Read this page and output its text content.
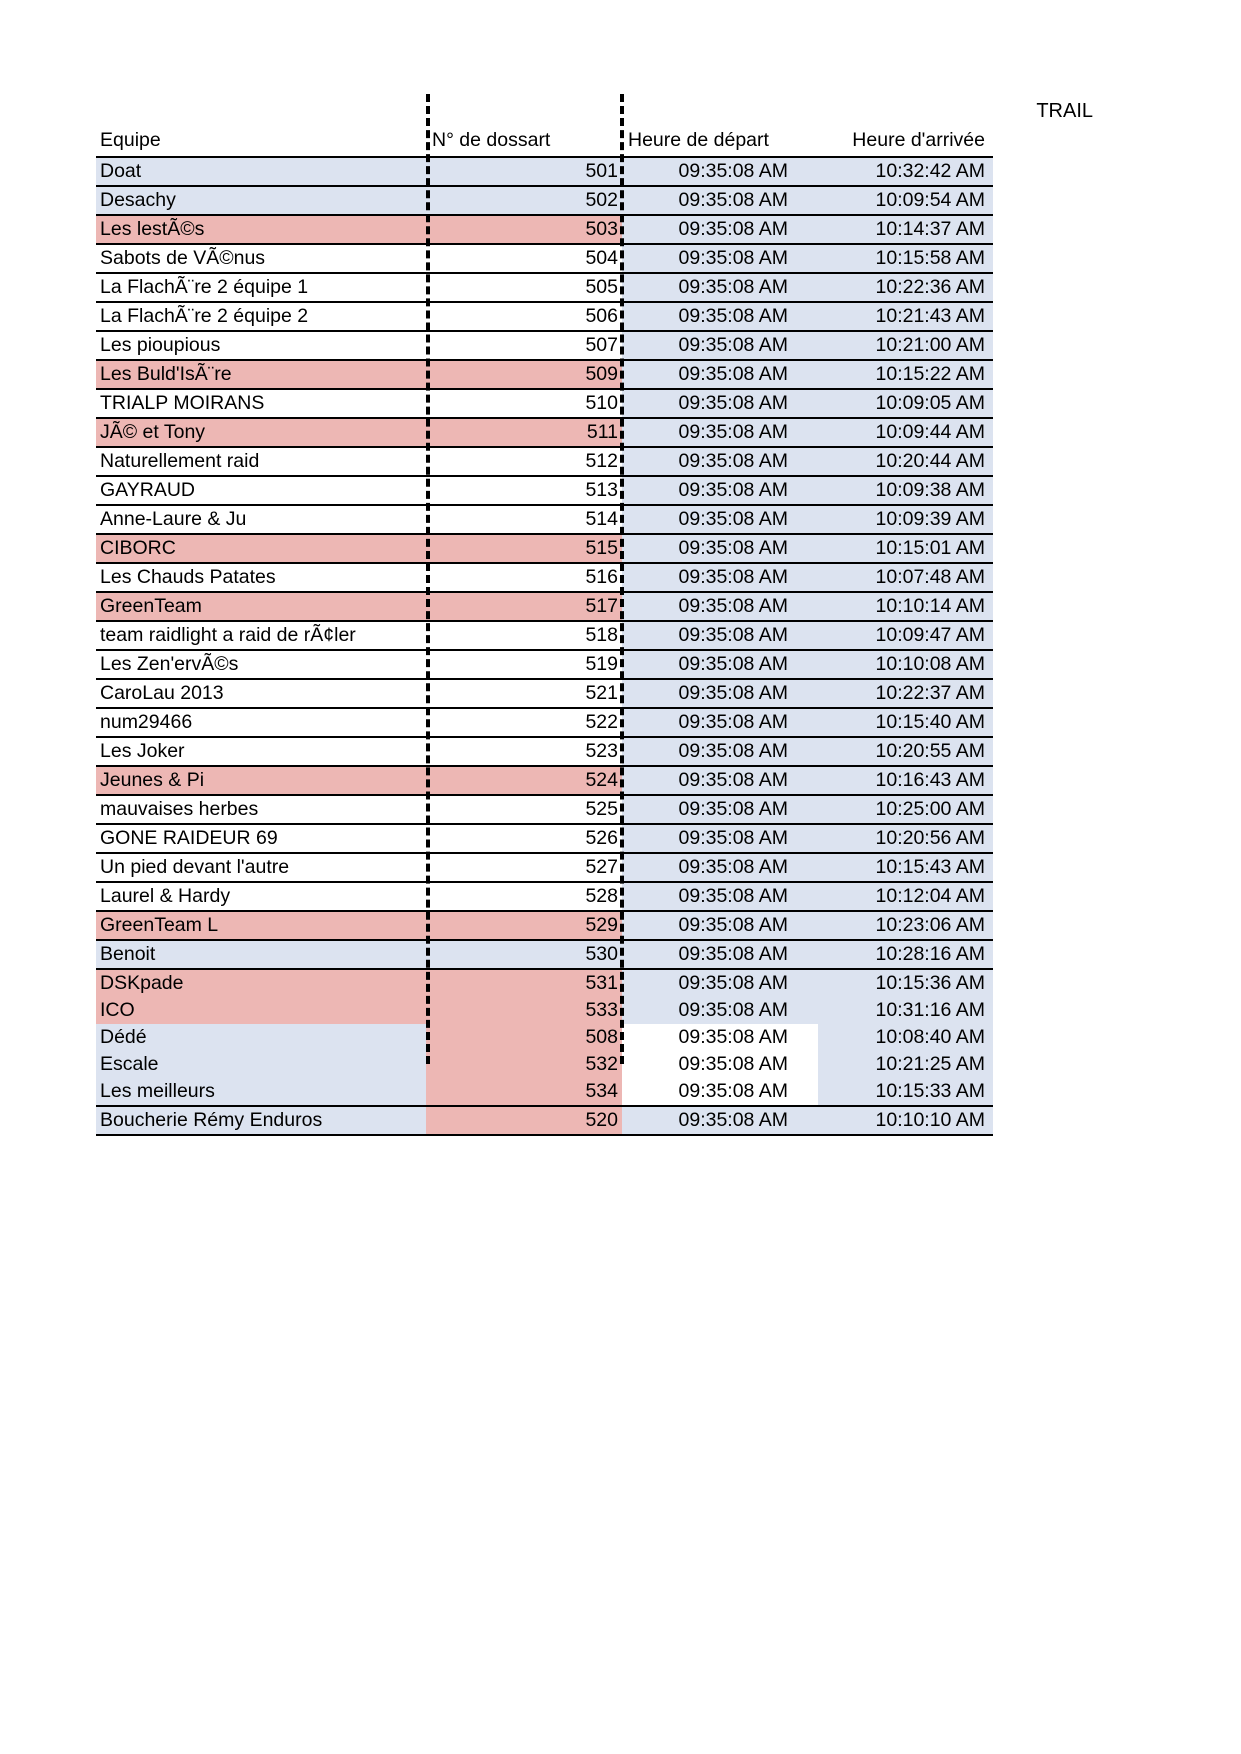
TRAIL
Equipe	N° de dossart	Heure de départ	Heure d'arrivée
Doat	501	09:35:08 AM	10:32:42 AM
Desachy	502	09:35:08 AM	10:09:54 AM
Les lestÃ©s	503	09:35:08 AM	10:14:37 AM
Sabots de VÃ©nus	504	09:35:08 AM	10:15:58 AM
La FlachÃ¨re 2 équipe 1	505	09:35:08 AM	10:22:36 AM
La FlachÃ¨re 2 équipe 2	506	09:35:08 AM	10:21:43 AM
Les pioupious	507	09:35:08 AM	10:21:00 AM
Les Buld'IsÃ¨re	509	09:35:08 AM	10:15:22 AM
TRIALP MOIRANS	510	09:35:08 AM	10:09:05 AM
JÃ© et Tony	511	09:35:08 AM	10:09:44 AM
Naturellement raid	512	09:35:08 AM	10:20:44 AM
GAYRAUD	513	09:35:08 AM	10:09:38 AM
Anne-Laure & Ju	514	09:35:08 AM	10:09:39 AM
CIBORC	515	09:35:08 AM	10:15:01 AM
Les Chauds Patates	516	09:35:08 AM	10:07:48 AM
GreenTeam	517	09:35:08 AM	10:10:14 AM
team raidlight a raid de rÃ¢ler	518	09:35:08 AM	10:09:47 AM
Les Zen'ervÃ©s	519	09:35:08 AM	10:10:08 AM
CaroLau 2013	521	09:35:08 AM	10:22:37 AM
num29466	522	09:35:08 AM	10:15:40 AM
Les Joker	523	09:35:08 AM	10:20:55 AM
Jeunes & Pi	524	09:35:08 AM	10:16:43 AM
mauvaises herbes	525	09:35:08 AM	10:25:00 AM
GONE RAIDEUR 69	526	09:35:08 AM	10:20:56 AM
Un pied devant l'autre	527	09:35:08 AM	10:15:43 AM
Laurel & Hardy	528	09:35:08 AM	10:12:04 AM
GreenTeam L	529	09:35:08 AM	10:23:06 AM
Benoit	530	09:35:08 AM	10:28:16 AM
DSKpade	531	09:35:08 AM	10:15:36 AM
ICO	533	09:35:08 AM	10:31:16 AM
Dédé	508	09:35:08 AM	10:08:40 AM
Escale	532	09:35:08 AM	10:21:25 AM
Les meilleurs	534	09:35:08 AM	10:15:33 AM
Boucherie Rémy Enduros	520	09:35:08 AM	10:10:10 AM
